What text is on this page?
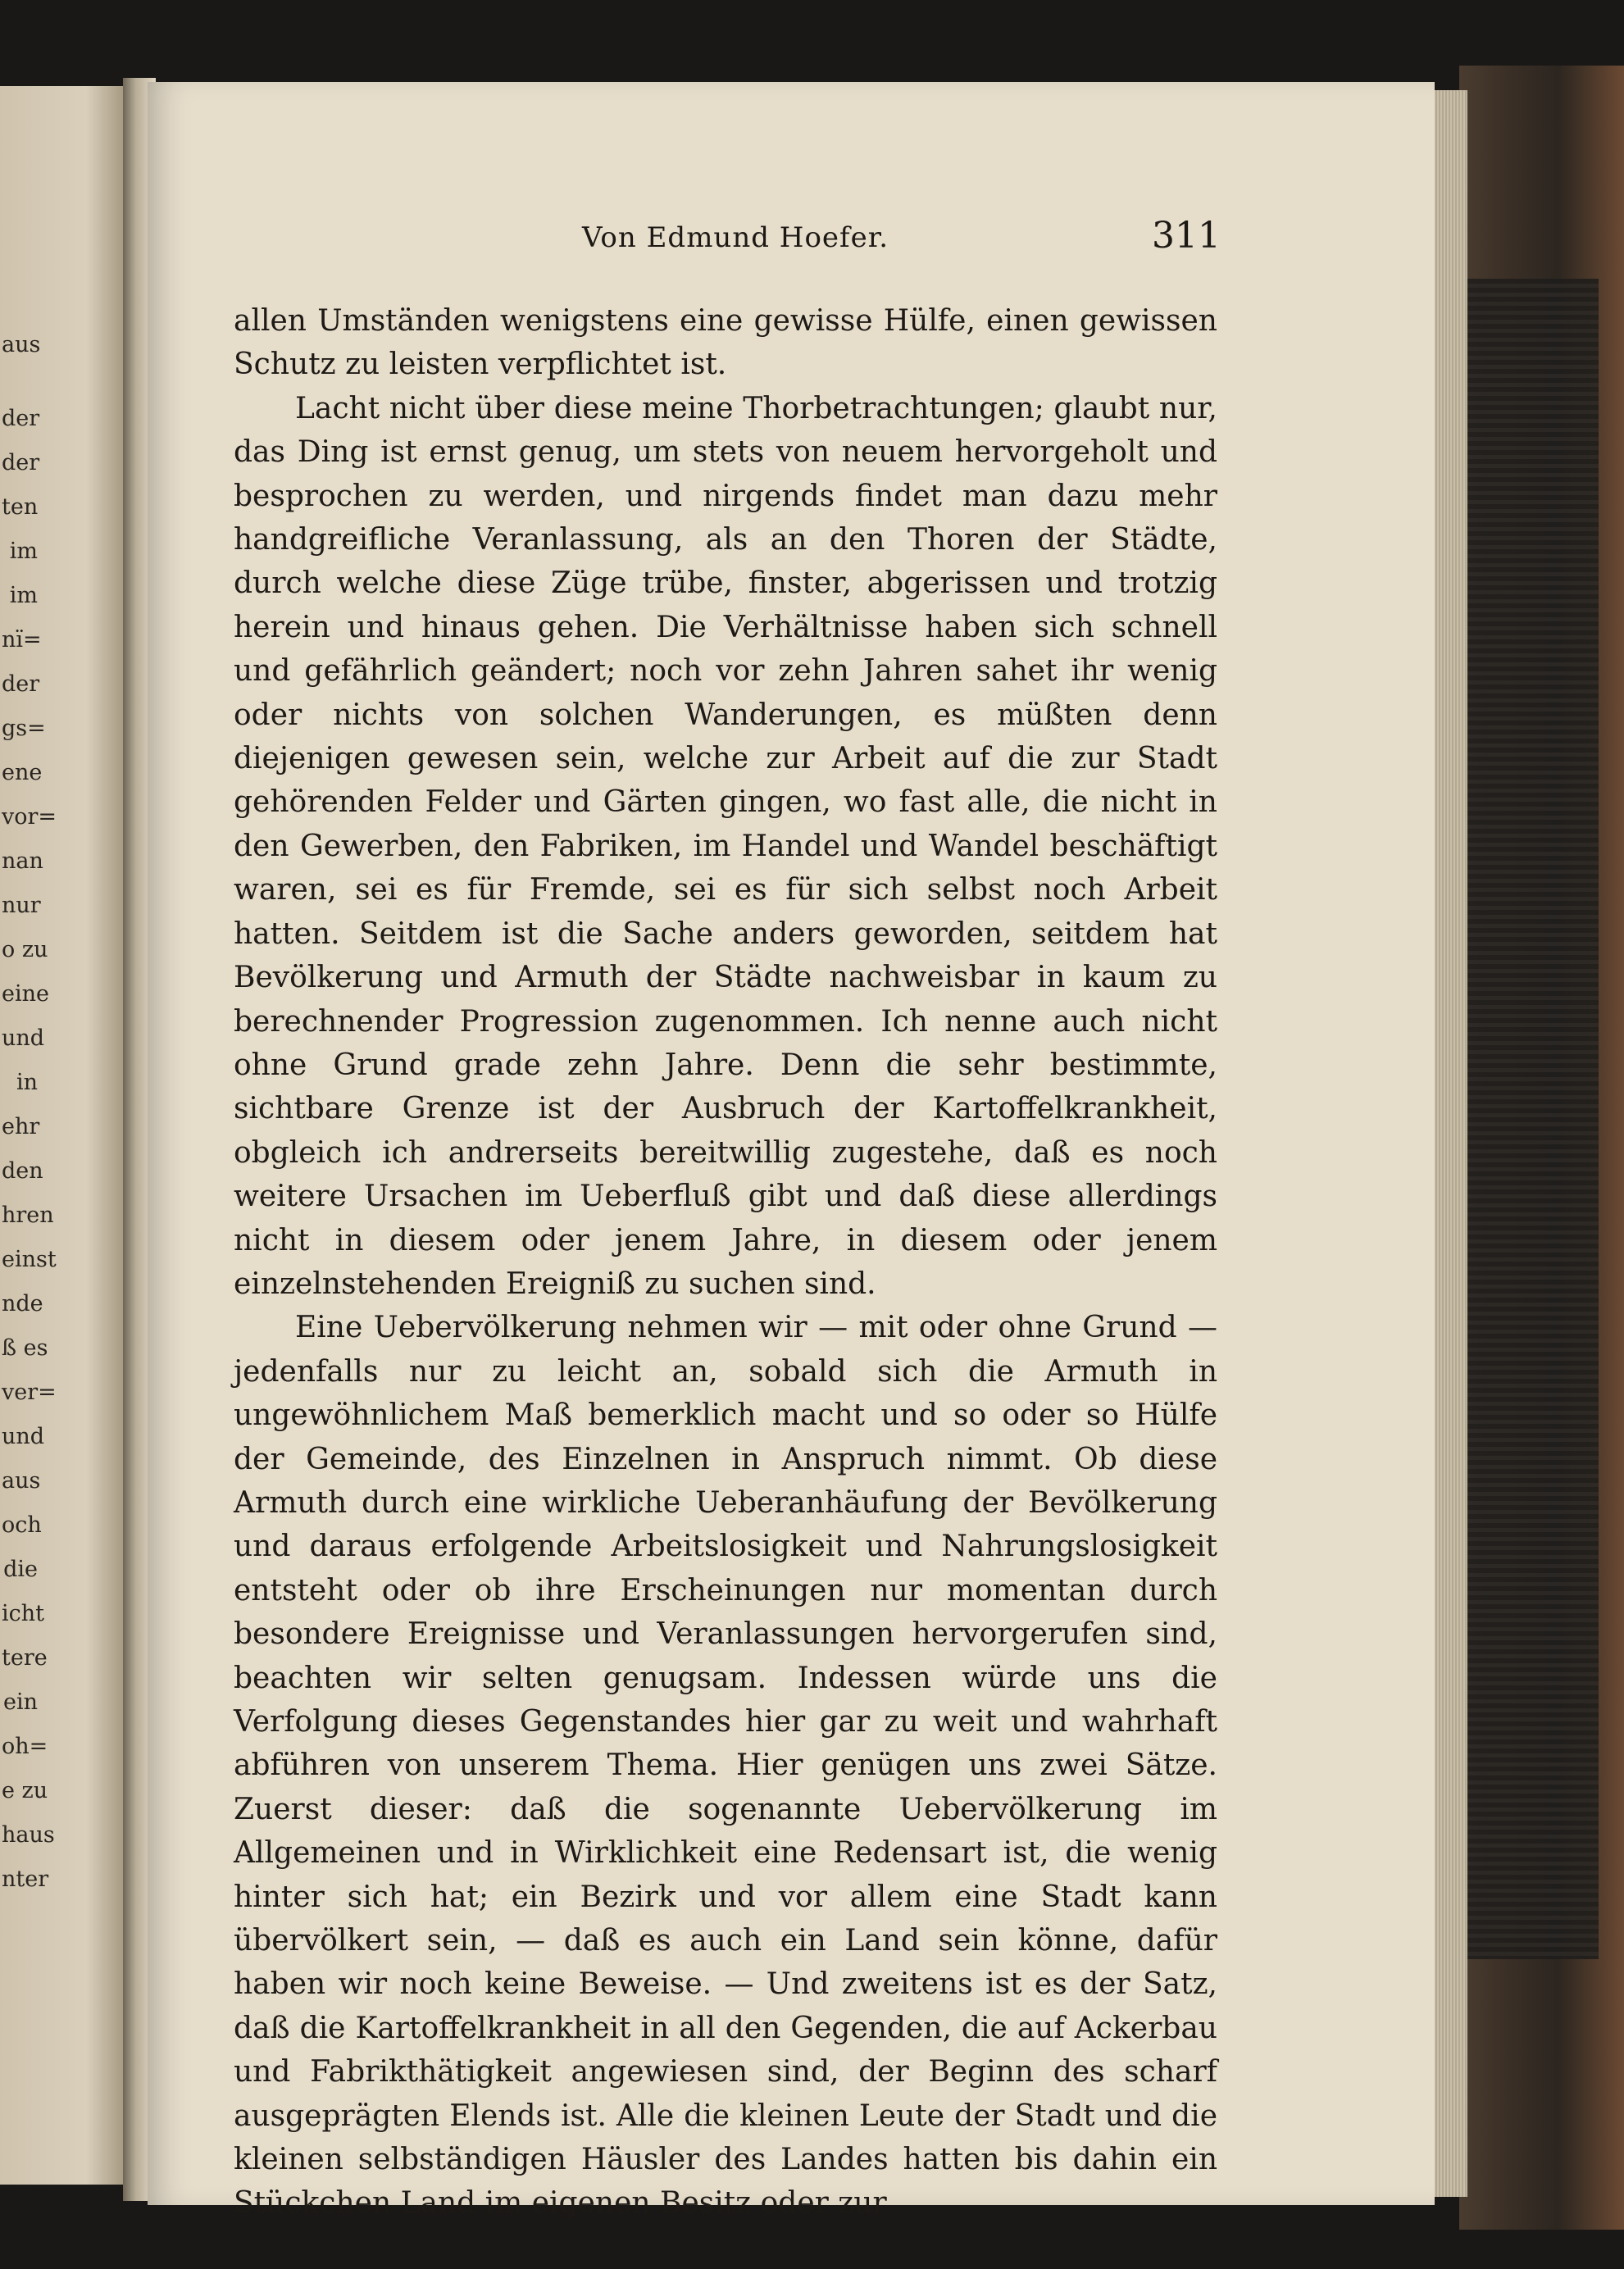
aus
der
der
ten
im
im
nï=
der
gs=
ene
vor=
nan
nur
o zu
eine
und
in
ehr
den
hren
einst
nde
ß es
ver=
und
aus
och
die
icht
tere
ein
oh=
e zu
haus
nter
Von Edmund Hoefer.	311

allen Umständen wenigstens eine gewisse Hülfe, einen gewissen Schutz zu leisten verpflichtet ist.

Lacht nicht über diese meine Thorbetrachtungen; glaubt nur, das Ding ist ernst genug, um stets von neuem hervorgeholt und besprochen zu werden, und nirgends findet man dazu mehr handgreifliche Veranlassung, als an den Thoren der Städte, durch welche diese Züge trübe, finster, abgerissen und trotzig herein und hinaus gehen. Die Verhältnisse haben sich schnell und gefährlich geändert; noch vor zehn Jahren sahet ihr wenig oder nichts von solchen Wanderungen, es müßten denn diejenigen gewesen sein, welche zur Arbeit auf die zur Stadt gehörenden Felder und Gärten gingen, wo fast alle, die nicht in den Gewerben, den Fabriken, im Handel und Wandel beschäftigt waren, sei es für Fremde, sei es für sich selbst noch Arbeit hatten. Seitdem ist die Sache anders geworden, seitdem hat Bevölkerung und Armuth der Städte nachweisbar in kaum zu berechnender Progression zugenommen. Ich nenne auch nicht ohne Grund grade zehn Jahre. Denn die sehr bestimmte, sichtbare Grenze ist der Ausbruch der Kartoffelkrankheit, obgleich ich andrerseits bereitwillig zugestehe, daß es noch weitere Ursachen im Ueberfluß gibt und daß diese allerdings nicht in diesem oder jenem Jahre, in diesem oder jenem einzelnstehenden Ereigniß zu suchen sind.

Eine Uebervölkerung nehmen wir — mit oder ohne Grund — jedenfalls nur zu leicht an, sobald sich die Armuth in ungewöhnlichem Maß bemerklich macht und so oder so Hülfe der Gemeinde, des Einzelnen in Anspruch nimmt. Ob diese Armuth durch eine wirkliche Ueberanhäufung der Bevölkerung und daraus erfolgende Arbeitslosigkeit und Nahrungslosigkeit entsteht oder ob ihre Erscheinungen nur momentan durch besondere Ereignisse und Veranlassungen hervorgerufen sind, beachten wir selten genugsam. Indessen würde uns die Verfolgung dieses Gegenstandes hier gar zu weit und wahrhaft abführen von unserem Thema. Hier genügen uns zwei Sätze. Zuerst dieser: daß die sogenannte Uebervölkerung im Allgemeinen und in Wirklichkeit eine Redensart ist, die wenig hinter sich hat; ein Bezirk und vor allem eine Stadt kann übervölkert sein, — daß es auch ein Land sein könne, dafür haben wir noch keine Beweise. — Und zweitens ist es der Satz, daß die Kartoffelkrankheit in all den Gegenden, die auf Ackerbau und Fabrikthätigkeit angewiesen sind, der Beginn des scharf ausgeprägten Elends ist. Alle die kleinen Leute der Stadt und die kleinen selbständigen Häusler des Landes hatten bis dahin ein Stückchen Land im eigenen Besitz oder zur
